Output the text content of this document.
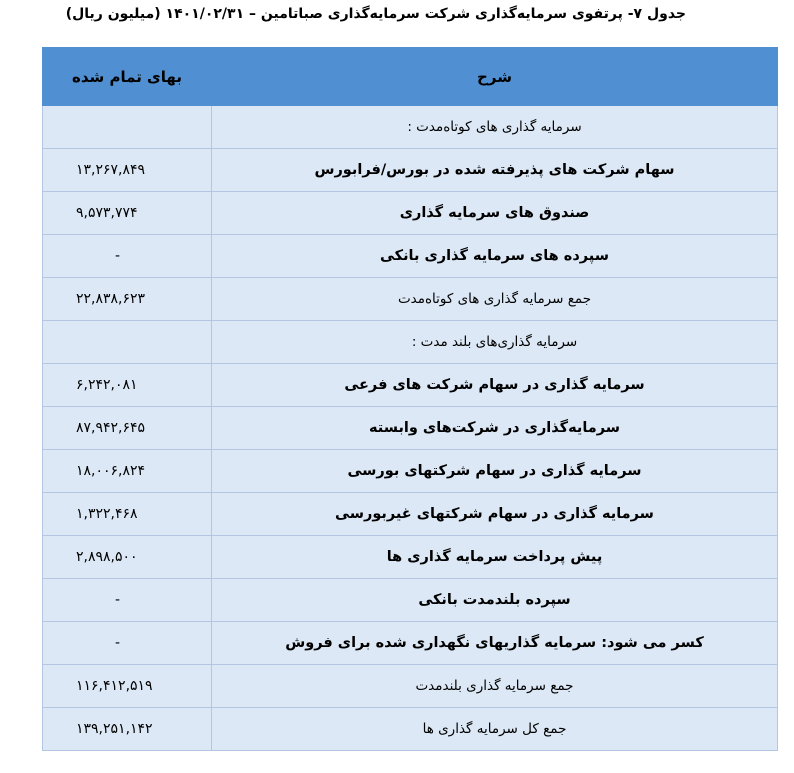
جدول ۷- پرتفوی سرمایه‌گذاری شرکت سرمایه‌گذاری صباتامین – ۱۴۰۱/۰۲/۳۱ (میلیون ریال)
بهای تمام شده	شرح
	سرمایه گذاری های کوتاه‌مدت :
۱۳,۲۶۷,۸۴۹	سهام شرکت های پذیرفته شده در بورس/فرابورس
۹,۵۷۳,۷۷۴	صندوق های سرمایه گذاری
-	سپرده های سرمایه گذاری بانکی
۲۲,۸۳۸,۶۲۳	جمع سرمایه گذاری های کوتاه‌مدت
	سرمایه گذاری‌های بلند مدت :
۶,۲۴۲,۰۸۱	سرمایه گذاری در سهام شرکت های فرعی
۸۷,۹۴۲,۶۴۵	سرمایه‌گذاری در شرکت‌های وابسته
۱۸,۰۰۶,۸۲۴	سرمایه گذاری در سهام شرکتهای بورسی
۱,۳۲۲,۴۶۸	سرمایه گذاری در سهام شرکتهای غیربورسی
۲,۸۹۸,۵۰۰	پیش پرداخت سرمایه گذاری ها
-	سپرده بلندمدت بانکی
-	کسر می شود: سرمایه گذاریهای نگهداری شده برای فروش
۱۱۶,۴۱۲,۵۱۹	جمع سرمایه گذاری بلندمدت
۱۳۹,۲۵۱,۱۴۲	جمع کل سرمایه گذاری ها
